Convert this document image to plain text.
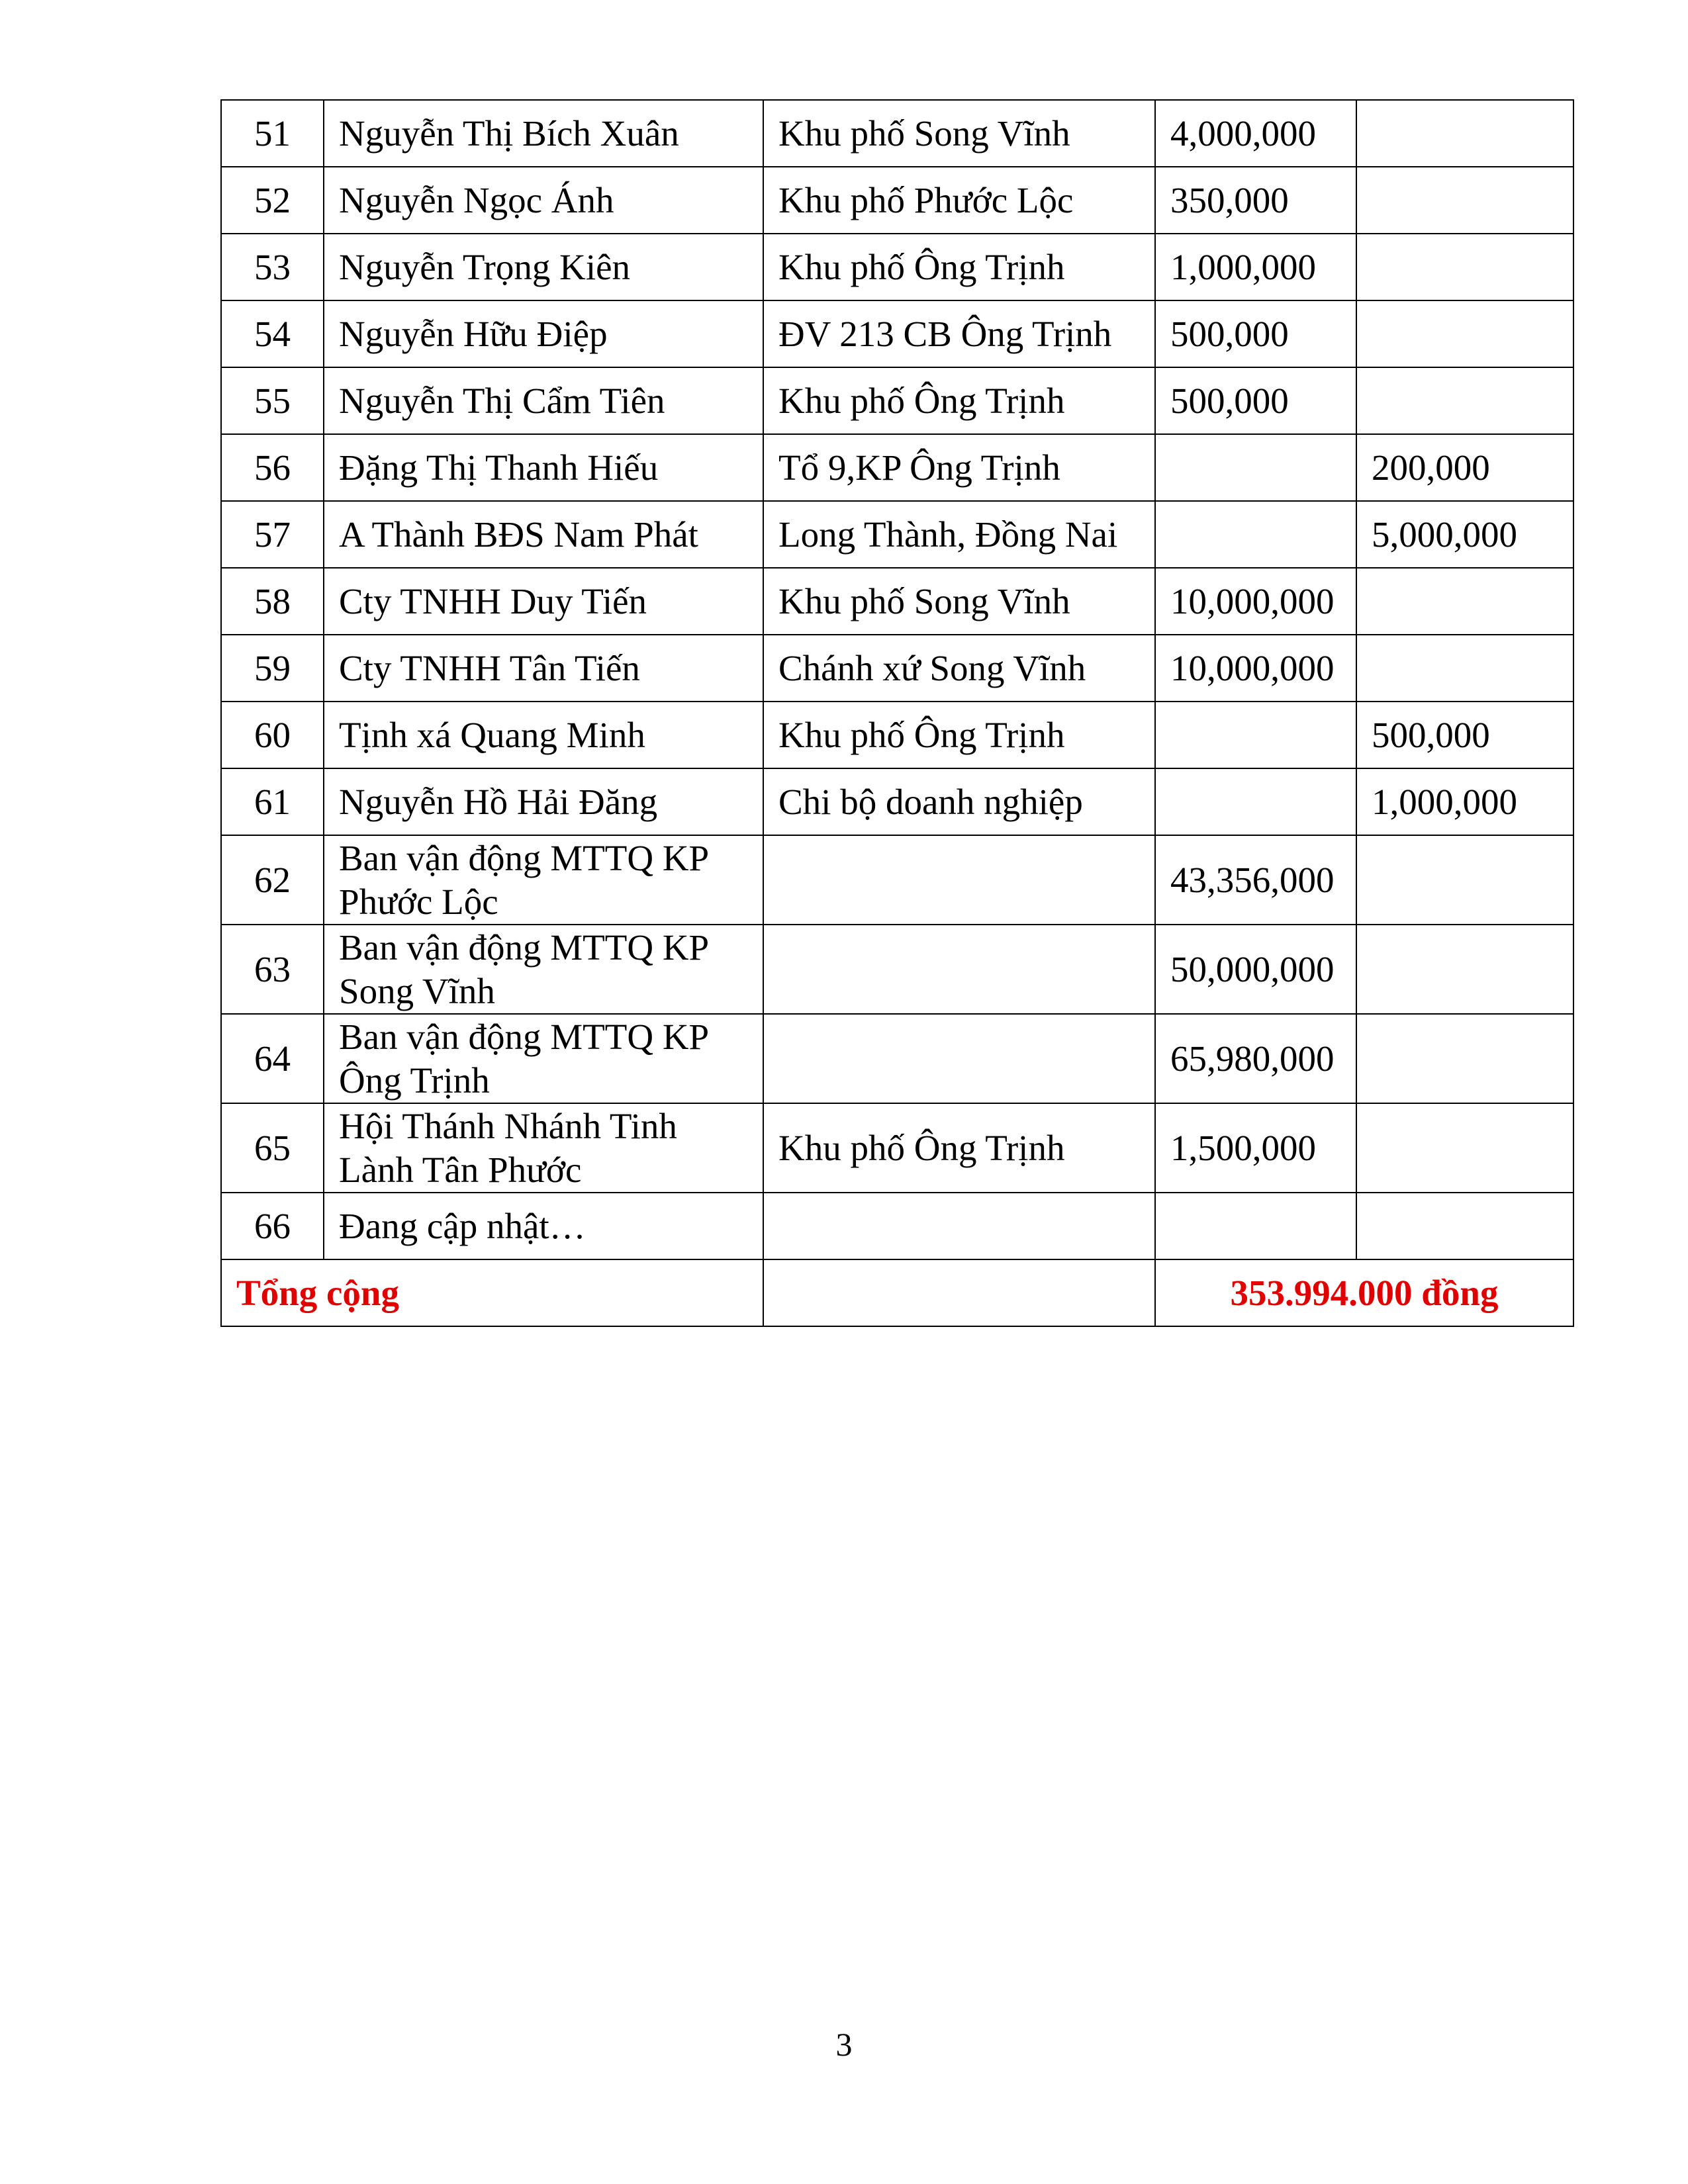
51	Nguyễn Thị Bích Xuân	Khu phố Song Vĩnh	4,000,000	
52	Nguyễn Ngọc Ánh	Khu phố Phước Lộc	350,000	
53	Nguyễn Trọng Kiên	Khu phố Ông Trịnh	1,000,000	
54	Nguyễn Hữu Điệp	ĐV 213 CB Ông Trịnh	500,000	
55	Nguyễn Thị Cẩm Tiên	Khu phố Ông Trịnh	500,000	
56	Đặng Thị Thanh Hiếu	Tổ 9,KP Ông Trịnh		200,000
57	A Thành BĐS Nam Phát	Long Thành, Đồng Nai		5,000,000
58	Cty TNHH Duy Tiến	Khu phố Song Vĩnh	10,000,000	
59	Cty TNHH Tân Tiến	Chánh xứ Song Vĩnh	10,000,000	
60	Tịnh xá Quang Minh	Khu phố Ông Trịnh		500,000
61	Nguyễn Hồ Hải Đăng	Chi bộ doanh nghiệp		1,000,000
62	Ban vận động MTTQ KP Phước Lộc		43,356,000	
63	Ban vận động MTTQ KP Song Vĩnh		50,000,000	
64	Ban vận động MTTQ KP Ông Trịnh		65,980,000	
65	Hội Thánh Nhánh Tinh Lành Tân Phước	Khu phố Ông Trịnh	1,500,000	
66	Đang cập nhật…			
Tổng cộng			353.994.000 đồng	
3
